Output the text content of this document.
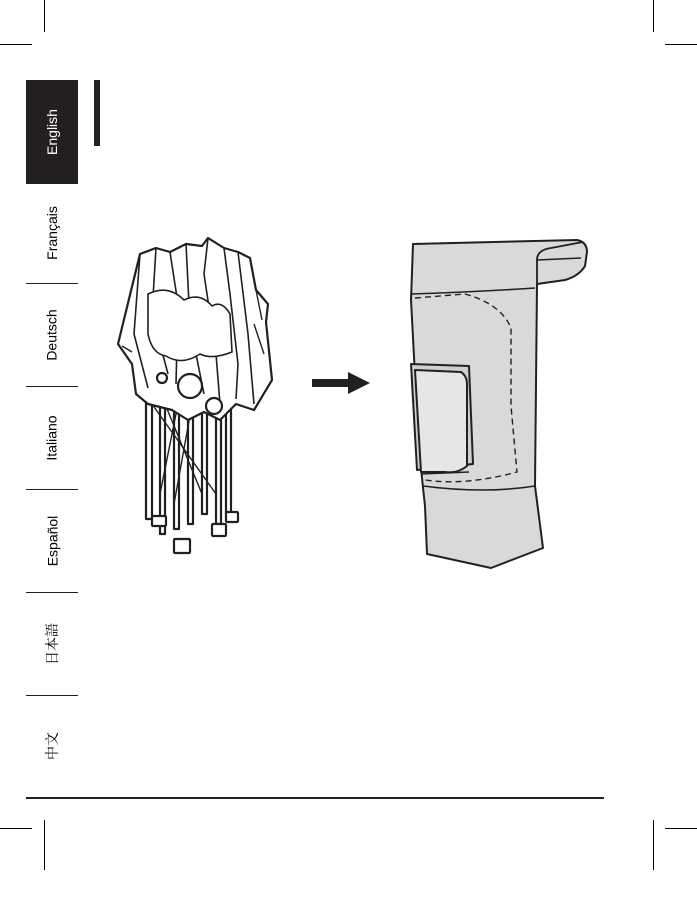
English
Français
Deutsch
Italiano
Español
日本語
中文
